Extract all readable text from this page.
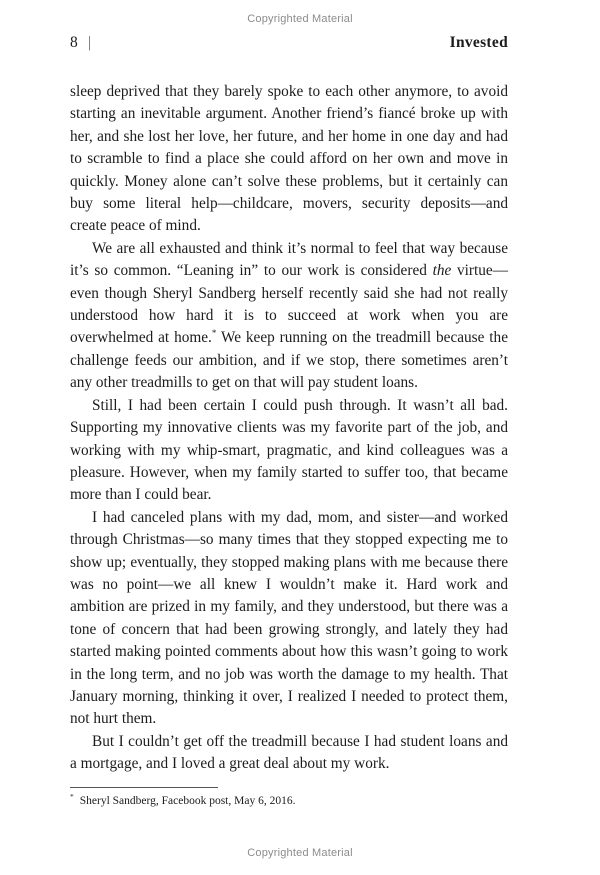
Copyrighted Material
8 |	Invested

sleep deprived that they barely spoke to each other anymore, to avoid starting an inevitable argument. Another friend’s fiancé broke up with her, and she lost her love, her future, and her home in one day and had to scramble to find a place she could afford on her own and move in quickly. Money alone can’t solve these problems, but it certainly can buy some literal help—childcare, movers, security deposits—and create peace of mind.

We are all exhausted and think it’s normal to feel that way because it’s so common. “Leaning in” to our work is considered the virtue—even though Sheryl Sandberg herself recently said she had not really understood how hard it is to succeed at work when you are overwhelmed at home.* We keep running on the treadmill because the challenge feeds our ambition, and if we stop, there sometimes aren’t any other treadmills to get on that will pay student loans.

Still, I had been certain I could push through. It wasn’t all bad. Supporting my innovative clients was my favorite part of the job, and working with my whip-smart, pragmatic, and kind colleagues was a pleasure. However, when my family started to suffer too, that became more than I could bear.

I had canceled plans with my dad, mom, and sister—and worked through Christmas—so many times that they stopped expecting me to show up; eventually, they stopped making plans with me because there was no point—we all knew I wouldn’t make it. Hard work and ambition are prized in my family, and they understood, but there was a tone of concern that had been growing strongly, and lately they had started making pointed comments about how this wasn’t going to work in the long term, and no job was worth the damage to my health. That January morning, thinking it over, I realized I needed to protect them, not hurt them.

But I couldn’t get off the treadmill because I had student loans and a mortgage, and I loved a great deal about my work.

* Sheryl Sandberg, Facebook post, May 6, 2016.
Copyrighted Material
